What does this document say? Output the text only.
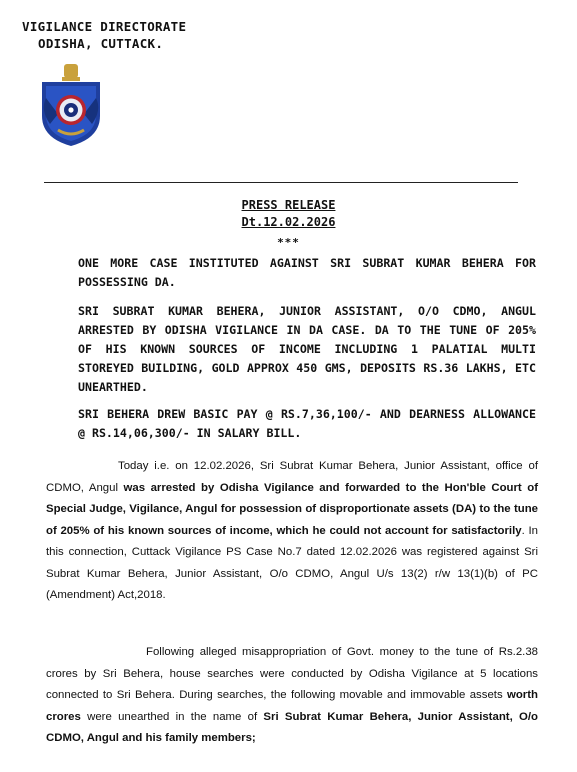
VIGILANCE DIRECTORATE
ODISHA, CUTTACK.
PRESS RELEASE
Dt.12.02.2026
***
ONE MORE CASE INSTITUTED AGAINST SRI SUBRAT KUMAR BEHERA FOR POSSESSING DA.
SRI SUBRAT KUMAR BEHERA, JUNIOR ASSISTANT, O/O CDMO, ANGUL ARRESTED BY ODISHA VIGILANCE IN DA CASE. DA TO THE TUNE OF 205% OF HIS KNOWN SOURCES OF INCOME INCLUDING 1 PALATIAL MULTI STOREYED BUILDING, GOLD APPROX 450 GMS, DEPOSITS RS.36 LAKHS, ETC UNEARTHED.
SRI BEHERA DREW BASIC PAY @ RS.7,36,100/- AND DEARNESS ALLOWANCE @ RS.14,06,300/- IN SALARY BILL.
Today i.e. on 12.02.2026, Sri Subrat Kumar Behera, Junior Assistant, office of CDMO, Angul was arrested by Odisha Vigilance and forwarded to the Hon'ble Court of Special Judge, Vigilance, Angul for possession of disproportionate assets (DA) to the tune of 205% of his known sources of income, which he could not account for satisfactorily. In this connection, Cuttack Vigilance PS Case No.7 dated 12.02.2026 was registered against Sri Subrat Kumar Behera, Junior Assistant, O/o CDMO, Angul U/s 13(2) r/w 13(1)(b) of PC (Amendment) Act,2018.
Following alleged misappropriation of Govt. money to the tune of Rs.2.38 crores by Sri Behera, house searches were conducted by Odisha Vigilance at 5 locations connected to Sri Behera. During searches, the following movable and immovable assets worth crores were unearthed in the name of Sri Subrat Kumar Behera, Junior Assistant, O/o CDMO, Angul and his family members;
